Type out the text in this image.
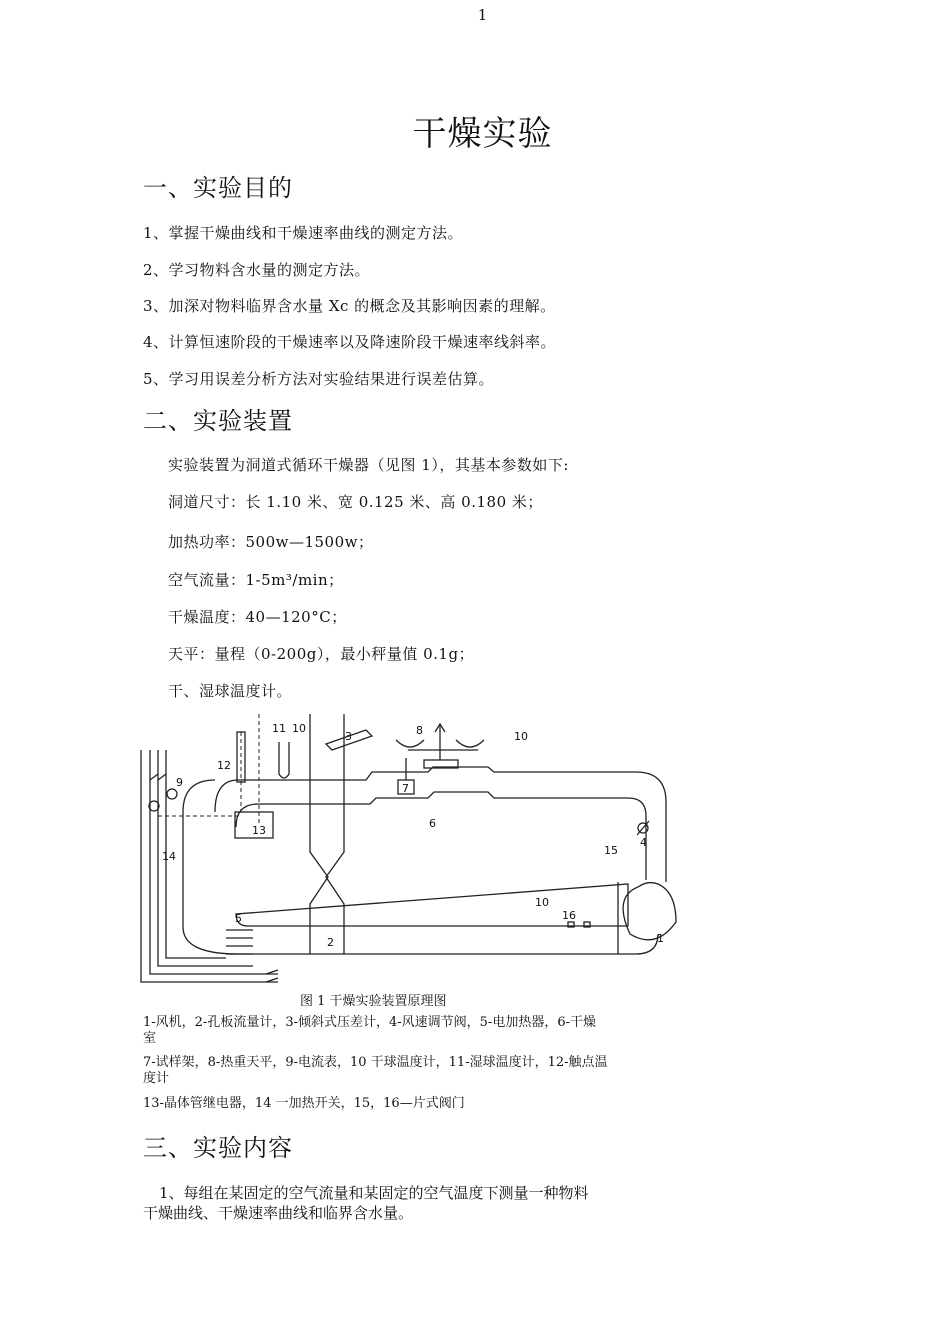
1
干燥实验
一、实验目的
1、掌握干燥曲线和干燥速率曲线的测定方法。
2、学习物料含水量的测定方法。
3、加深对物料临界含水量 Xc 的概念及其影响因素的理解。
4、计算恒速阶段的干燥速率以及降速阶段干燥速率线斜率。
5、学习用误差分析方法对实验结果进行误差估算。
二、实验装置
实验装置为洞道式循环干燥器（见图 1），其基本参数如下:
洞道尺寸：长 1.10 米、宽 0.125 米、高 0.180 米；
加热功率：500w—1500w；
空气流量：1-5m³/min；
干燥温度：40—120°C；
天平：量程（0-200g），最小秤量值 0.1g；
干、湿球温度计。
1
2
3
4
5
6
7
8
9
10
10
10
11
12
13
14	15
16
图 1 干燥实验装置原理图
1-风机，2-孔板流量计，3-倾斜式压差计，4-风速调节阀，5-电加热器，6-干燥室
7-试样架，8-热重天平，9-电流表，10 干球温度计，11-湿球温度计，12-触点温度计
13-晶体管继电器，14 一加热开关，15，16—片式阀门
三、实验内容
1、每组在某固定的空气流量和某固定的空气温度下测量一种物料干燥曲线、干燥速率曲线和临界含水量。
